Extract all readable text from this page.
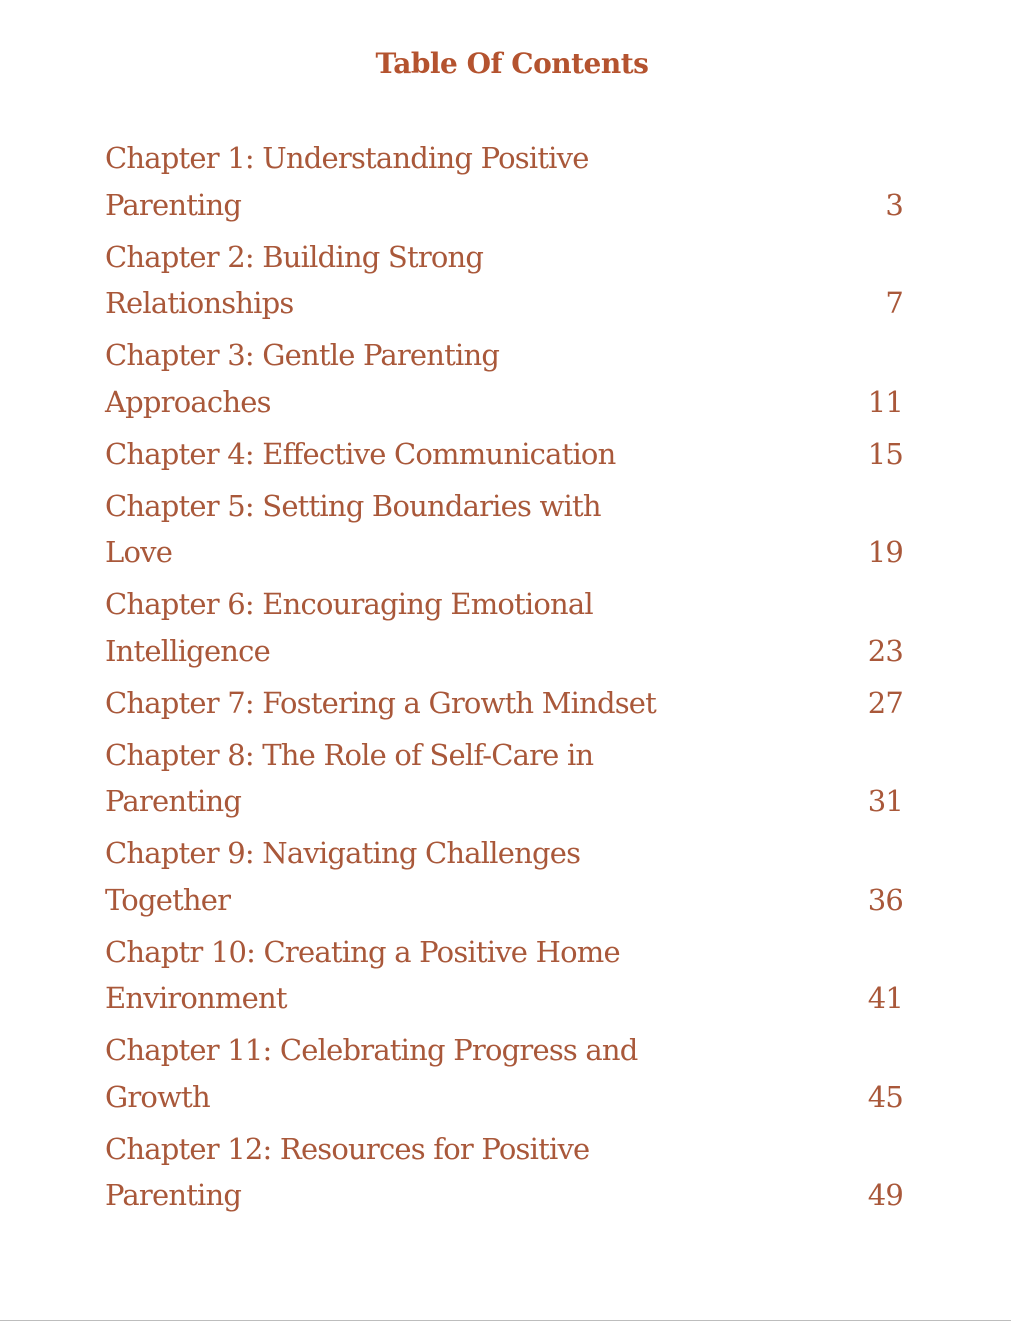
Table Of Contents
Chapter 1: Understanding Positive Parenting	3
Chapter 2: Building Strong Relationships	7
Chapter 3: Gentle Parenting Approaches	11
Chapter 4: Effective Communication	15
Chapter 5: Setting Boundaries with Love	19
Chapter 6: Encouraging Emotional Intelligence	23
Chapter 7: Fostering a Growth Mindset	27
Chapter 8: The Role of Self-Care in Parenting	31
Chapter 9: Navigating Challenges Together	36
Chaptr 10: Creating a Positive Home Environment	41
Chapter 11: Celebrating Progress and Growth	45
Chapter 12: Resources for Positive Parenting	49
